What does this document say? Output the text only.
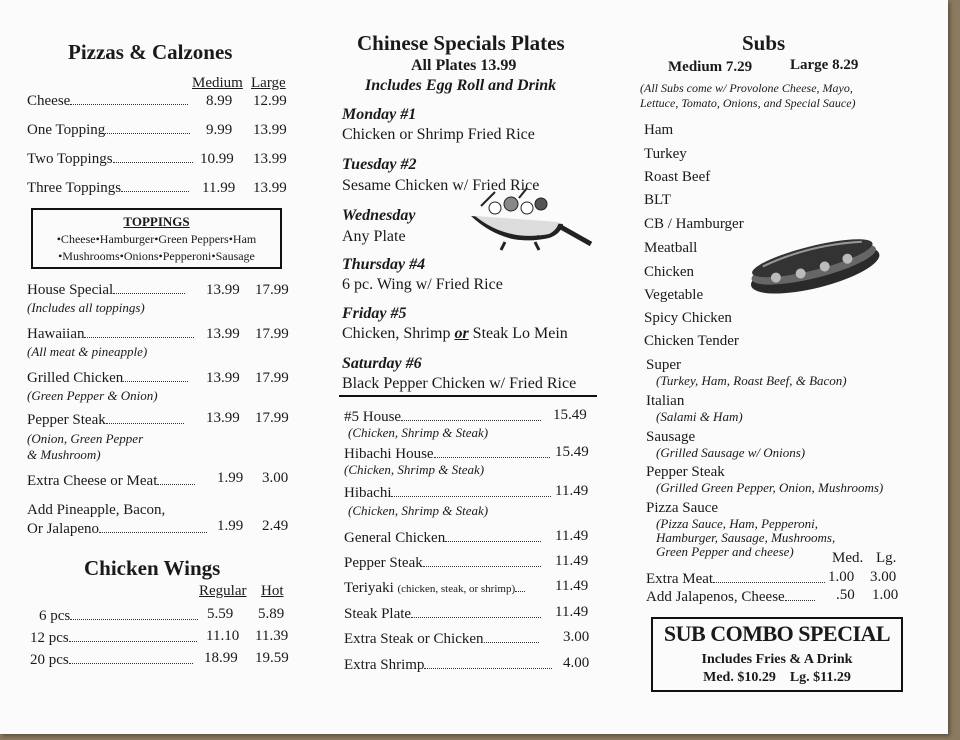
Pizzas & Calzones
Medium Large
Cheese	8.99 12.99
One Topping	9.99 13.99
Two Toppings	10.99 13.99
Three Toppings	11.99 13.99
TOPPINGS
•Cheese•Hamburger•Green Peppers•Ham
•Mushrooms•Onions•Pepperoni•Sausage
House Special
(Includes all toppings)
13.99 17.99
Hawaiian
(All meat & pineapple)
13.99 17.99
Grilled Chicken
(Green Pepper & Onion)
13.99 17.99
Pepper Steak
(Onion, Green Pepper
& Mushroom)
13.99 17.99
Extra Cheese or Meat	1.99 3.00
Add Pineapple, Bacon,
Or Jalapeno	1.99 2.49
Chicken Wings
Regular Hot
6 pcs	5.59 5.89
12 pcs	11.10 11.39
20 pcs	18.99 19.59
Chinese Specials Plates
All Plates 13.99
Includes Egg Roll and Drink
Monday #1
Chicken or Shrimp Fried Rice
Tuesday #2
Sesame Chicken w/ Fried Rice
Wednesday
Any Plate
Thursday #4
6 pc. Wing w/ Fried Rice
Friday #5
Chicken, Shrimp or Steak Lo Mein
Saturday #6
Black Pepper Chicken w/ Fried Rice
#5 House	15.49
(Chicken, Shrimp & Steak)
Hibachi House	15.49
(Chicken, Shrimp & Steak)
Hibachi	11.49
(Chicken, Shrimp & Steak)
General Chicken	11.49
Pepper Steak	11.49
Teriyaki (chicken, steak, or shrimp)	11.49
Steak Plate	11.49
Extra Steak or Chicken	3.00
Extra Shrimp	4.00
Subs
Medium 7.29	Large 8.29
(All Subs come w/ Provolone Cheese, Mayo,
Lettuce, Tomato, Onions, and Special Sauce)
Ham
Turkey
Roast Beef
BLT
CB / Hamburger
Meatball
Chicken
Vegetable
Spicy Chicken
Chicken Tender
Super
(Turkey, Ham, Roast Beef, & Bacon)
Italian
(Salami & Ham)
Sausage
(Grilled Sausage w/ Onions)
Pepper Steak
(Grilled Green Pepper, Onion, Mushrooms)
Pizza Sauce
(Pizza Sauce, Ham, Pepperoni,
Hamburger, Sausage, Mushrooms,
Green Pepper and cheese)	Med. Lg.
Extra Meat	1.00 3.00
Add Jalapenos, Cheese	.50 1.00
SUB COMBO SPECIAL
Includes Fries & A Drink
Med. $10.29    Lg. $11.29
